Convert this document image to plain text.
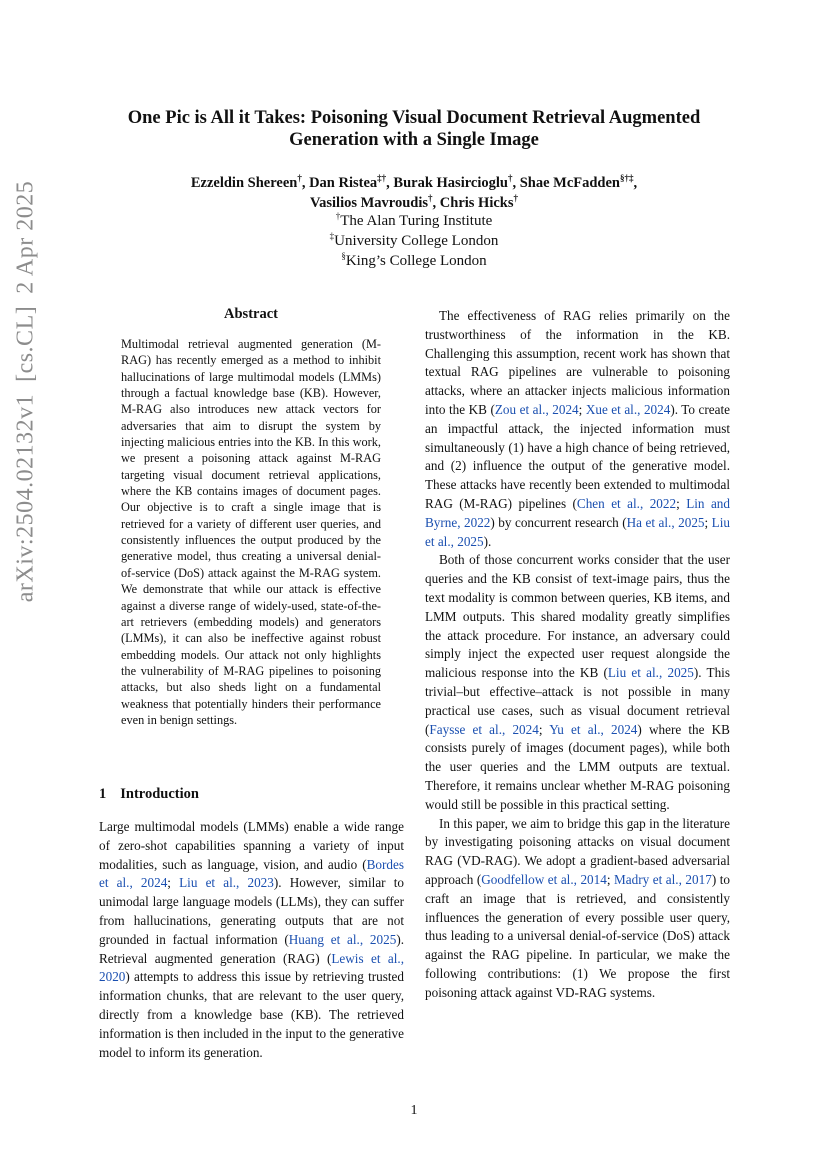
arXiv:2504.02132v1[cs.CL]2 Apr 2025
One Pic is All it Takes: Poisoning Visual Document Retrieval Augmented
Generation with a Single Image
Ezzeldin Shereen†, Dan Ristea‡†, Burak Hasircioglu†, Shae McFadden§†‡,
Vasilios Mavroudis†, Chris Hicks†
†The Alan Turing Institute
‡University College London
§King’s College London
Abstract
Multimodal retrieval augmented generation (M-RAG) has recently emerged as a method to inhibit hallucinations of large multimodal models (LMMs) through a factual knowledge base (KB). However, M-RAG also introduces new attack vectors for adversaries that aim to disrupt the system by injecting malicious entries into the KB. In this work, we present a poisoning attack against M-RAG targeting visual document retrieval applications, where the KB contains images of document pages. Our objective is to craft a single image that is retrieved for a variety of different user queries, and consistently influences the output produced by the generative model, thus creating a universal denial-of-service (DoS) attack against the M-RAG system. We demonstrate that while our attack is effective against a diverse range of widely-used, state-of-the-art retrievers (embedding models) and generators (LMMs), it can also be ineffective against robust embedding models. Our attack not only highlights the vulnerability of M-RAG pipelines to poisoning attacks, but also sheds light on a fundamental weakness that potentially hinders their performance even in benign settings.
1 Introduction

Large multimodal models (LMMs) enable a wide range of zero-shot capabilities spanning a variety of input modalities, such as language, vision, and audio (Bordes et al., 2024; Liu et al., 2023). However, similar to unimodal large language models (LLMs), they can suffer from hallucinations, generating outputs that are not grounded in factual information (Huang et al., 2025). Retrieval augmented generation (RAG) (Lewis et al., 2020) attempts to address this issue by retrieving trusted information chunks, that are relevant to the user query, directly from a knowledge base (KB). The retrieved information is then included in the input to the generative model to inform its generation.

The effectiveness of RAG relies primarily on the trustworthiness of the information in the KB. Challenging this assumption, recent work has shown that textual RAG pipelines are vulnerable to poisoning attacks, where an attacker injects malicious information into the KB (Zou et al., 2024; Xue et al., 2024). To create an impactful attack, the injected information must simultaneously (1) have a high chance of being retrieved, and (2) influence the output of the generative model. These attacks have recently been extended to multimodal RAG (M-RAG) pipelines (Chen et al., 2022; Lin and Byrne, 2022) by concurrent research (Ha et al., 2025; Liu et al., 2025).

Both of those concurrent works consider that the user queries and the KB consist of text-image pairs, thus the text modality is common between queries, KB items, and LMM outputs. This shared modality greatly simplifies the attack procedure. For instance, an adversary could simply inject the expected user request alongside the malicious response into the KB (Liu et al., 2025). This trivial–but effective–attack is not possible in many practical use cases, such as visual document retrieval (Faysse et al., 2024; Yu et al., 2024) where the KB consists purely of images (document pages), while both the user queries and the LMM outputs are textual. Therefore, it remains unclear whether M-RAG poisoning would still be possible in this practical setting.

In this paper, we aim to bridge this gap in the literature by investigating poisoning attacks on visual document RAG (VD-RAG). We adopt a gradient-based adversarial approach (Goodfellow et al., 2014; Madry et al., 2017) to craft an image that is retrieved, and consistently influences the generation of every possible user query, thus leading to a universal denial-of-service (DoS) attack against the RAG pipeline. In particular, we make the following contributions: (1) We propose the first poisoning attack against VD-RAG systems.

1
